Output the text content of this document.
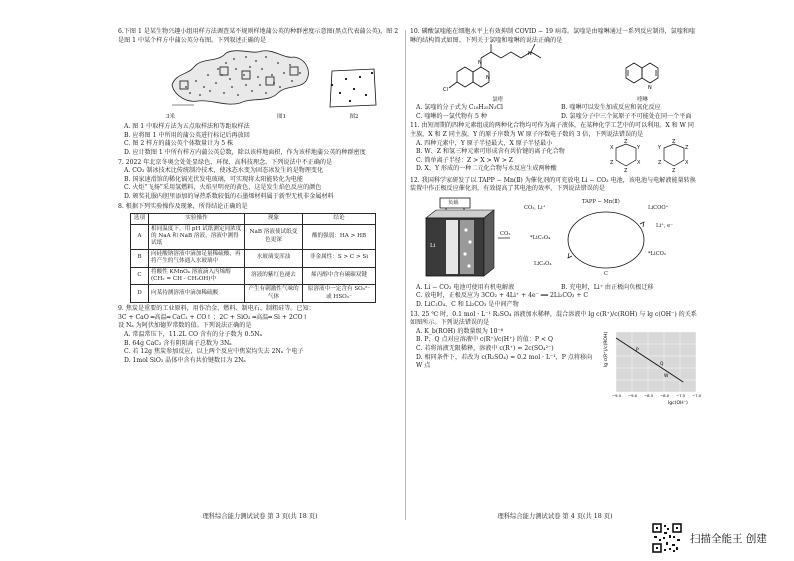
6.下图 1 是某生物兴趣小组用样方法调查某不规则样地蒲公英的种群密度示意图(黑点代表蒲公英)，图 2 是图 1 中某个样方中蒲公英分布图。下列叙述正确的是
3米	图1	图2
A. 图 1 中取样方法为五点取样法和等距取样法
B. 应将图 1 中所用的蒲公英进行标记后再放回
C. 图 2 样方的蒲公英个体数量计为 5 株
D. 应计数图 1 中所有样方内蒲公英总数，除以该样地面积，作为该样地蒲公英的种群密度
7. 2022 年北京冬奥会处处显绿色、环保、高科技理念。下列说法中不正确的是
A. CO₂ 制冰技术比传统制冷技术，使冰态水变为固态冰发生的是物理变化
B. 国家速滑馆的稀化镉光伏发电玻璃，可实现将太阳能转化为电能
C. 火炬“飞扬”采用氢燃料，火焰呈明亮的黄色，这是发生焰色反应的颜色
D. 颁奖礼服内胆里添加的导热系数较低的石墨烯材料属于新型无机非金属材料
8. 根据下列实验操作及现象，所得结论正确的是
选项	实验操作	现象	结论
A	相同温度下，用 pH 试纸测定同浓度的 NaA 和 NaB 溶液，溶液中测得试纸	NaB 溶液使试纸变色更深	酸的强弱：HA > HB
B	向硅酸钠溶液中滴加足量稀硫酸，再将产生的气体通入水玻璃中	水玻璃变浑浊	非金属性：S > C > Si
C	将酸性 KMnO₄ 溶液滴入丙烯醇(CH₂ = CH - CH₂OH)中	溶液的紫红色褪去	烯丙醇中含有碳碳双键
D	向某待测溶液中滴加稀硫酸	产生有刺激性气味的气体	原溶液中一定含有 SO₃²⁻ 或 HSO₃⁻
9. 焦炭是重要的工业原料，用作冶金、燃料、制电石、制粗硅等。已知：
3C + CaO ═高温═ CaC₂ + CO↑ ；2C + SiO₂ ═高温═ Si + 2CO↑
设 Nₐ 为阿伏加德罗常数的值。下列说法正确的是
A. 常温常压下，11.2L CO 含有的分子数为 0.5Nₐ
B. 64g CaC₂ 含有阴阳离子总数为 3Nₐ
C. 若 12g 焦炭参加反应，以上两个反应中焦炭均失去 2Nₐ 个电子
D. 1mol SiO₂ 晶体中含有共价键数目为 2Nₐ
理科综合能力测试试卷 第 3 页(共 18 页)
10. 磷酸氯喹能在细胞水平上有效抑制 COVID − 19 病毒。氯喹是由喹啉通过一系列反应制得，氯喹和喹啉的结构简式如图。下列关于氯喹和喹啉的说法正确的是
N
N
N
Cl
氯喹
N
喹啉
A. 氯喹的分子式为 C₁₈H₂₅N₃Cl	B. 喹啉可以发生加成反应和氧化反应
C. 喹啉的一氯代物有 5 种	D. 氯喹分子中三个氮原子不可能处在同一个平面
11. 由短周期的四种元素组成的两种化合物均可作为离子液体，在某种化学工艺中的可以利用。X 和 W 同主族，X 和 Z 同主族，Y 的原子序数为 W 原子序数电子数的 3 倍，下列说法错误的是
A. 四种元素中，Y 原子半径最大，X 原子半径最小
B. W、Z 和氢三种元素可形成含有共价键的离子化合物
C. 简单离子半径：Z > X > W > Z
D. X、Y 形成的一种二元化合物与水反应生成两种酸
Z
X	Y
Z	X
Z
Z
Y	Z
Z	X
Z
12. 我国科学家研发了以 TAPP − Mn(Ⅱ) 为催化剂的可充放电 Li − CO₂ 电池，该电池与电解液能量转换装置中作正极反应催化剂，有效提高了其电池的效率，下列说法错误的是
负载
Li
CO₂
TAPP − Mn(Ⅱ)
CO₂, Li⁺	LiCOO⁺
Li⁺, e⁻
*LiCO₂
*LiC₂O₄
LiC₂O₄
C
A. Li − CO₂ 电池可使用有机电解液	B. 充电时，Li⁺ 由正极向负极迁移
C. 放电时，正极反应为 3CO₂ + 4Li⁺ + 4e⁻ ══ 2Li₂CO₃ + C
D. LiC₂O₄、C 和 Li₂CO₃ 是中间产物
13. 25 ℃ 时，0.1 mol · L⁻¹ R₂SO₄ 溶液加水稀释，混合溶液中 lg c(R⁺)/c(ROH) 与 lg c(OH⁻) 的关系如图所示。下列说法错误的是
A. K_b(ROH) 的数量级为 10⁻⁶
B. P、Q 点对应溶液中 c(R⁺)/c(H⁺) 的值：P < Q
C. 若将溶液无限稀释，溶液中 c(R⁺) ≈ 2c(SO₄²⁻)
D. 相同条件下，若改为 c(R₂SO₄) = 0.2 mol · L⁻¹，P 点将移向 W 点
−9.5 −9.0 −8.5 −8.0 −7.5 −7.0
P
Q
W
lg c(R⁺)/c(ROH)
lgc(OH⁻)
理科综合能力测试试卷 第 4 页(共 18 页)
扫描全能王 创建
